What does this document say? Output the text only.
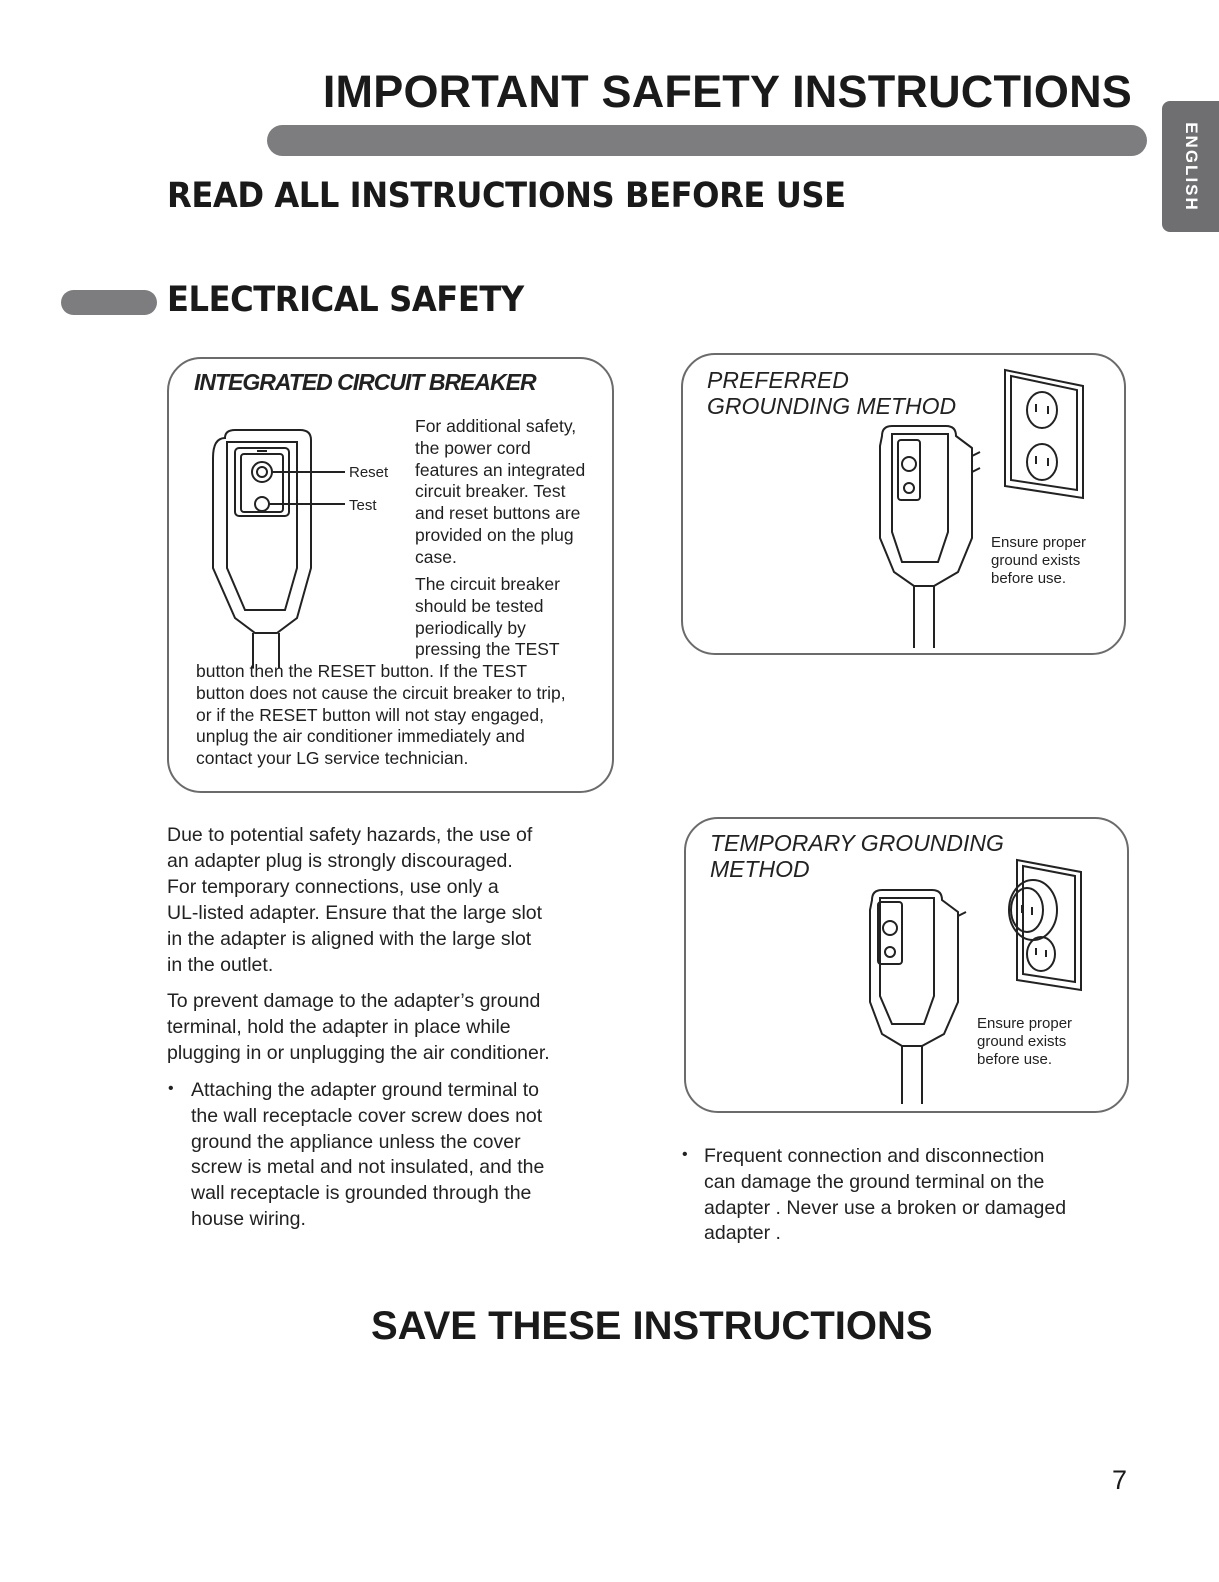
IMPORTANT SAFETY INSTRUCTIONS
ENGLISH
READ ALL INSTRUCTIONS BEFORE USE
ELECTRICAL SAFETY
INTEGRATED CIRCUIT BREAKER
Reset
Test
For additional safety,
the power cord
features an integrated
circuit breaker. Test
and reset buttons are
provided on the plug
case.
The circuit breaker
should be tested
periodically by
pressing the TEST
button then the RESET button. If the TEST
button does not cause the circuit breaker to trip,
or if the RESET button will not stay engaged,
unplug the air conditioner immediately and
contact your LG service technician.
PREFERRED
GROUNDING METHOD
Ensure proper
ground exists
before use.
TEMPORARY GROUNDING
METHOD
Ensure proper
ground exists
before use.
Due to potential safety hazards, the use of
an adapter plug is strongly discouraged.
For temporary connections, use only a
UL-listed adapter. Ensure that the large slot
in the adapter is aligned with the large slot
in the outlet.
To prevent damage to the adapter’s ground
terminal, hold the adapter in place while
plugging in or unplugging the air conditioner.
• Attaching the adapter ground terminal to
the wall receptacle cover screw does not
ground the appliance unless the cover
screw is metal and not insulated, and the
wall receptacle is grounded through the
house wiring.
• Frequent connection and disconnection
can damage the ground terminal on the
adapter . Never use a broken or damaged
adapter .
SAVE THESE INSTRUCTIONS
7
